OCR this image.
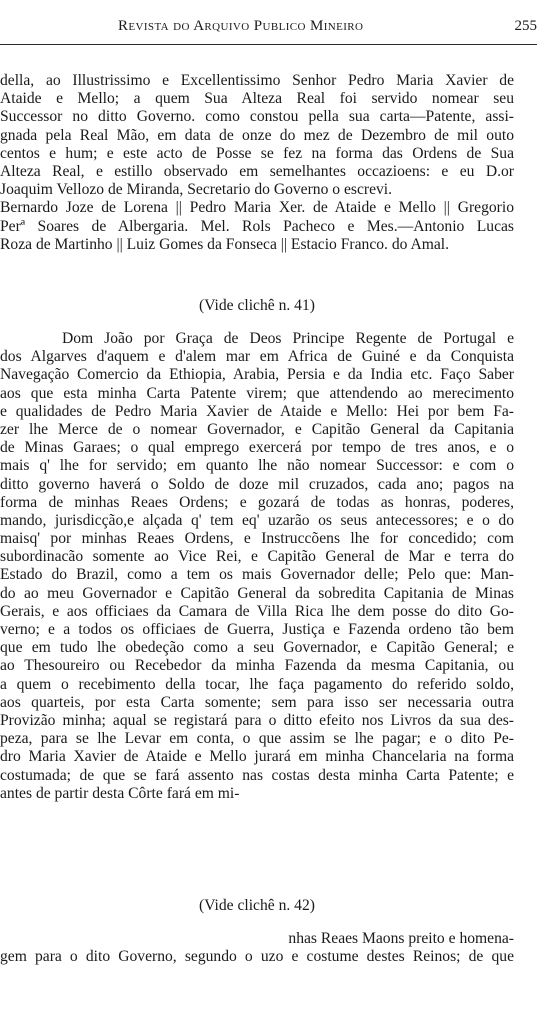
Revista do Arquivo Publico Mineiro	255
della, ao Illustrissimo e Excellentissimo Senhor Pedro Maria Xavier de
Ataide e Mello; a quem Sua Alteza Real foi servido nomear seu
Successor no ditto Governo. como constou pella sua carta—Patente, assi-
gnada pela Real Mão, em data de onze do mez de Dezembro de mil outo
centos e hum; e este acto de Posse se fez na forma das Ordens de Sua
Alteza Real, e estillo observado em semelhantes occazioens: e eu D.or
Joaquim Vellozo de Miranda, Secretario do Governo o escrevi.
Bernardo Joze de Lorena || Pedro Maria Xer. de Ataide e Mello || Gregorio
Perª Soares de Albergaria. Mel. Rols Pacheco e Mes.—Antonio Lucas
Roza de Martinho || Luiz Gomes da Fonseca || Estacio Franco. do Amal.
(Vide clichê n. 41)
Dom João por Graça de Deos Principe Regente de Portugal e
dos Algarves d'aquem e d'alem mar em Africa de Guiné e da Conquista
Navegação Comercio da Ethiopia, Arabia, Persia e da India etc. Faço Saber
aos que esta minha Carta Patente virem; que attendendo ao merecimento
e qualidades de Pedro Maria Xavier de Ataide e Mello: Hei por bem Fa-
zer lhe Merce de o nomear Governador, e Capitão General da Capitania
de Minas Garaes; o qual emprego exercerá por tempo de tres anos, e o
mais q' lhe for servido; em quanto lhe não nomear Successor: e com o
ditto governo haverá o Soldo de doze mil cruzados, cada ano; pagos na
forma de minhas Reaes Ordens; e gozará de todas as honras, poderes,
mando, jurisdicção,e alçada q' tem eq' uzarão os seus antecessores; e o do
maisq' por minhas Reaes Ordens, e Instruccõens lhe for concedido; com
subordinacão somente ao Vice Rei, e Capitão General de Mar e terra do
Estado do Brazil, como a tem os mais Governador delle; Pelo que: Man-
do ao meu Governador e Capitão General da sobredita Capitania de Minas
Gerais, e aos officiaes da Camara de Villa Rica lhe dem posse do dito Go-
verno; e a todos os officiaes de Guerra, Justiça e Fazenda ordeno tão bem
que em tudo lhe obedeção como a seu Governador, e Capitão General; e
ao Thesoureiro ou Recebedor da minha Fazenda da mesma Capitania, ou
a quem o recebimento della tocar, lhe faça pagamento do referido soldo,
aos quarteis, por esta Carta somente; sem para isso ser necessaria outra
Provizão minha; aqual se registará para o ditto efeito nos Livros da sua des-
peza, para se lhe Levar em conta, o que assim se lhe pagar; e o dito Pe-
dro Maria Xavier de Ataide e Mello jurará em minha Chancelaria na forma
costumada; de que se fará assento nas costas desta minha Carta Patente; e
antes de partir desta Côrte fará em mi-
(Vide clichê n. 42)
nhas Reaes Maons preito e homena-
gem para o dito Governo, segundo o uzo e costume destes Reinos; de que
